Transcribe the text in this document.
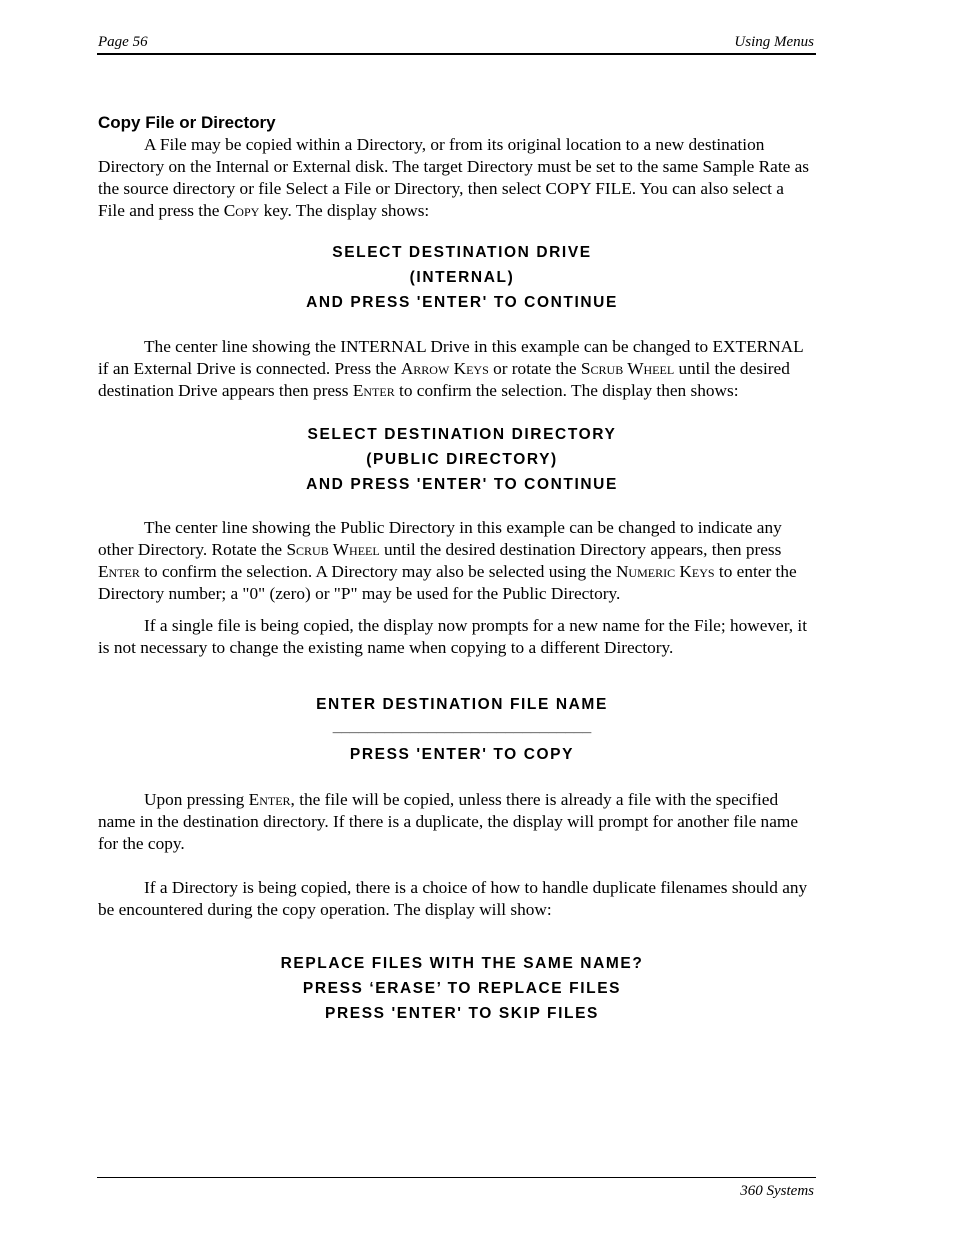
Page 56	Using Menus
Copy File or Directory

A File may be copied within a Directory, or from its original location to a new destination Directory on the Internal or External disk. The target Directory must be set to the same Sample Rate as the source directory or file Select a File or Directory, then select COPY FILE. You can also select a File and press the Copy key. The display shows:

SELECT DESTINATION DRIVE
(INTERNAL)
AND PRESS 'ENTER' TO CONTINUE

The center line showing the INTERNAL Drive in this example can be changed to EXTERNAL if an External Drive is connected. Press the Arrow Keys or rotate the Scrub Wheel until the desired destination Drive appears then press Enter to confirm the selection. The display then shows:

SELECT DESTINATION DIRECTORY
(PUBLIC DIRECTORY)
AND PRESS 'ENTER' TO CONTINUE

The center line showing the Public Directory in this example can be changed to indicate any other Directory. Rotate the Scrub Wheel until the desired destination Directory appears, then press Enter to confirm the selection. A Directory may also be selected using the Numeric Keys to enter the Directory number; a "0" (zero) or "P" may be used for the Public Directory.

If a single file is being copied, the display now prompts for a new name for the File; however, it is not necessary to change the existing name when copying to a different Directory.

ENTER DESTINATION FILE NAME
______________________________
PRESS 'ENTER' TO COPY

Upon pressing Enter, the file will be copied, unless there is already a file with the specified name in the destination directory. If there is a duplicate, the display will prompt for another file name for the copy.

If a Directory is being copied, there is a choice of how to handle duplicate filenames should any be encountered during the copy operation. The display will show:

REPLACE FILES WITH THE SAME NAME?
PRESS ‘ERASE’ TO REPLACE FILES
PRESS 'ENTER' TO SKIP FILES
360 Systems
